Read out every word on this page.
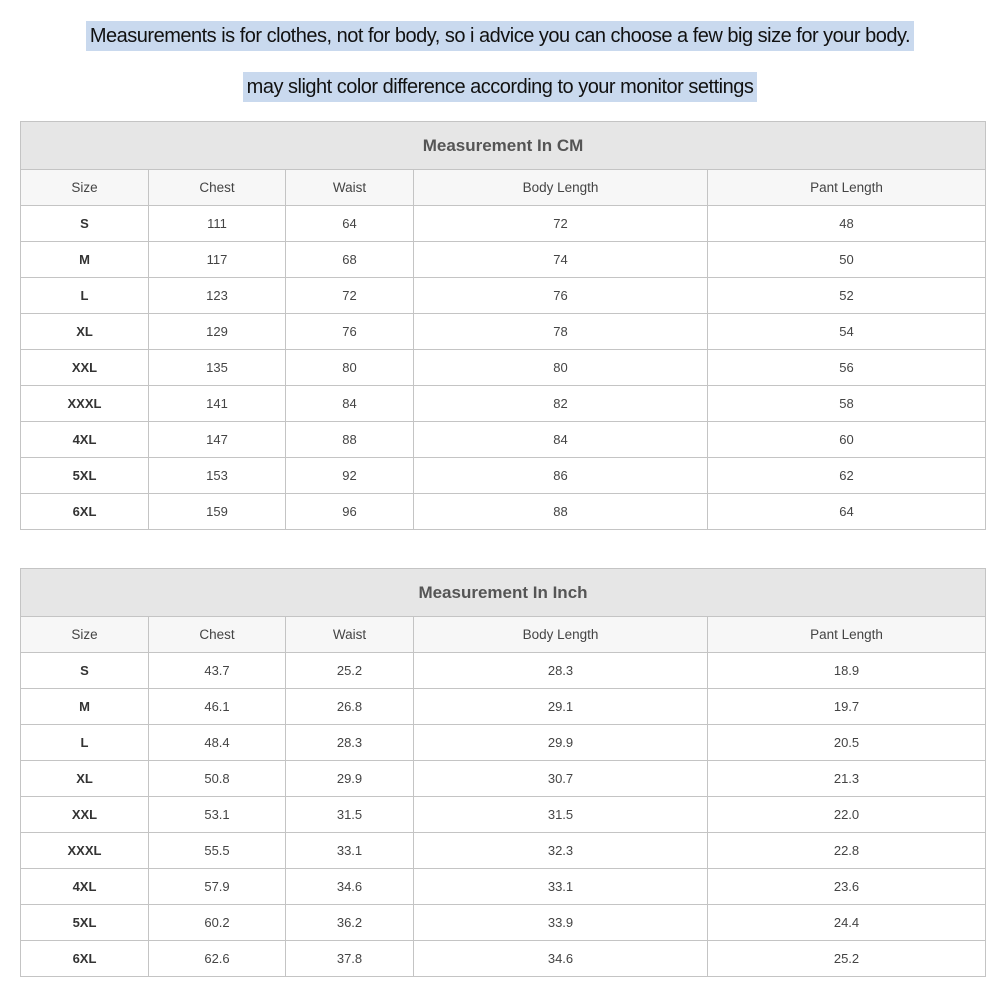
Measurements is for clothes, not for body, so i advice you can choose a few big size for your body.
may slight color difference according to your monitor settings
Measurement In CM				
Size	Chest	Waist	Body Length	Pant Length
S	111	64	72	48
M	117	68	74	50
L	123	72	76	52
XL	129	76	78	54
XXL	135	80	80	56
XXXL	141	84	82	58
4XL	147	88	84	60
5XL	153	92	86	62
6XL	159	96	88	64
Measurement In Inch				
Size	Chest	Waist	Body Length	Pant Length
S	43.7	25.2	28.3	18.9
M	46.1	26.8	29.1	19.7
L	48.4	28.3	29.9	20.5
XL	50.8	29.9	30.7	21.3
XXL	53.1	31.5	31.5	22.0
XXXL	55.5	33.1	32.3	22.8
4XL	57.9	34.6	33.1	23.6
5XL	60.2	36.2	33.9	24.4
6XL	62.6	37.8	34.6	25.2
